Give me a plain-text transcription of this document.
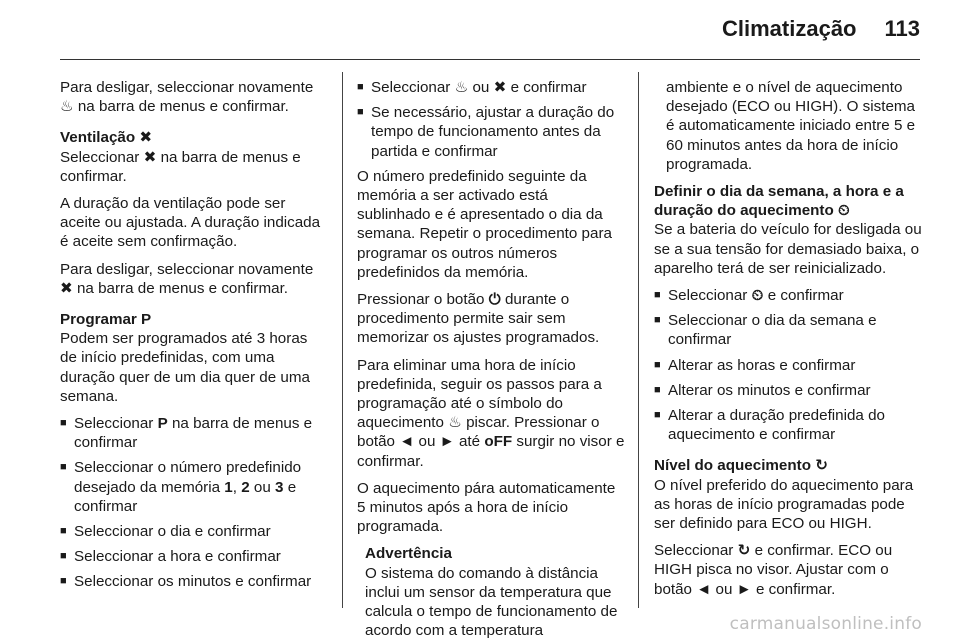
Climatização 113

Para desligar, seleccionar novamente ♨ na barra de menus e confirmar.

Ventilação ✖

Seleccionar ✖ na barra de menus e confirmar.

A duração da ventilação pode ser aceite ou ajustada. A duração indicada é aceite sem confirmação.

Para desligar, seleccionar novamente ✖ na barra de menus e confirmar.

Programar P

Podem ser programados até 3 horas de início predefinidas, com uma duração quer de um dia quer de uma semana.

■ Seleccionar P na barra de menus e confirmar
■ Seleccionar o número predefinido desejado da memória 1, 2 ou 3 e confirmar
■ Seleccionar o dia e confirmar
■ Seleccionar a hora e confirmar
■ Seleccionar os minutos e confirmar
■ Seleccionar ♨ ou ✖ e confirmar
■ Se necessário, ajustar a duração do tempo de funcionamento antes da partida e confirmar

O número predefinido seguinte da memória a ser activado está sublinhado e é apresentado o dia da semana. Repetir o procedimento para programar os outros números predefinidos da memória.

Pressionar o botão ⏻ durante o procedimento permite sair sem memorizar os ajustes programados.

Para eliminar uma hora de início predefinida, seguir os passos para a programação até o símbolo do aquecimento ♨ piscar. Pressionar o botão ◄ ou ► até oFF surgir no visor e confirmar.

O aquecimento pára automaticamente 5 minutos após a hora de início programada.

Advertência
O sistema do comando à distância inclui um sensor da temperatura que calcula o tempo de funcionamento de acordo com a temperatura

ambiente e o nível de aquecimento desejado (ECO ou HIGH). O sistema é automaticamente iniciado entre 5 e 60 minutos antes da hora de início programada.

Definir o dia da semana, a hora e a duração do aquecimento ⏲

Se a bateria do veículo for desligada ou se a sua tensão for demasiado baixa, o aparelho terá de ser reinicializado.

■ Seleccionar ⏲ e confirmar
■ Seleccionar o dia da semana e confirmar
■ Alterar as horas e confirmar
■ Alterar os minutos e confirmar
■ Alterar a duração predefinida do aquecimento e confirmar
Nível do aquecimento ↻

O nível preferido do aquecimento para as horas de início programadas pode ser definido para ECO ou HIGH.

Seleccionar ↻ e confirmar. ECO ou HIGH pisca no visor. Ajustar com o botão ◄ ou ► e confirmar.

carmanualsonline.info
